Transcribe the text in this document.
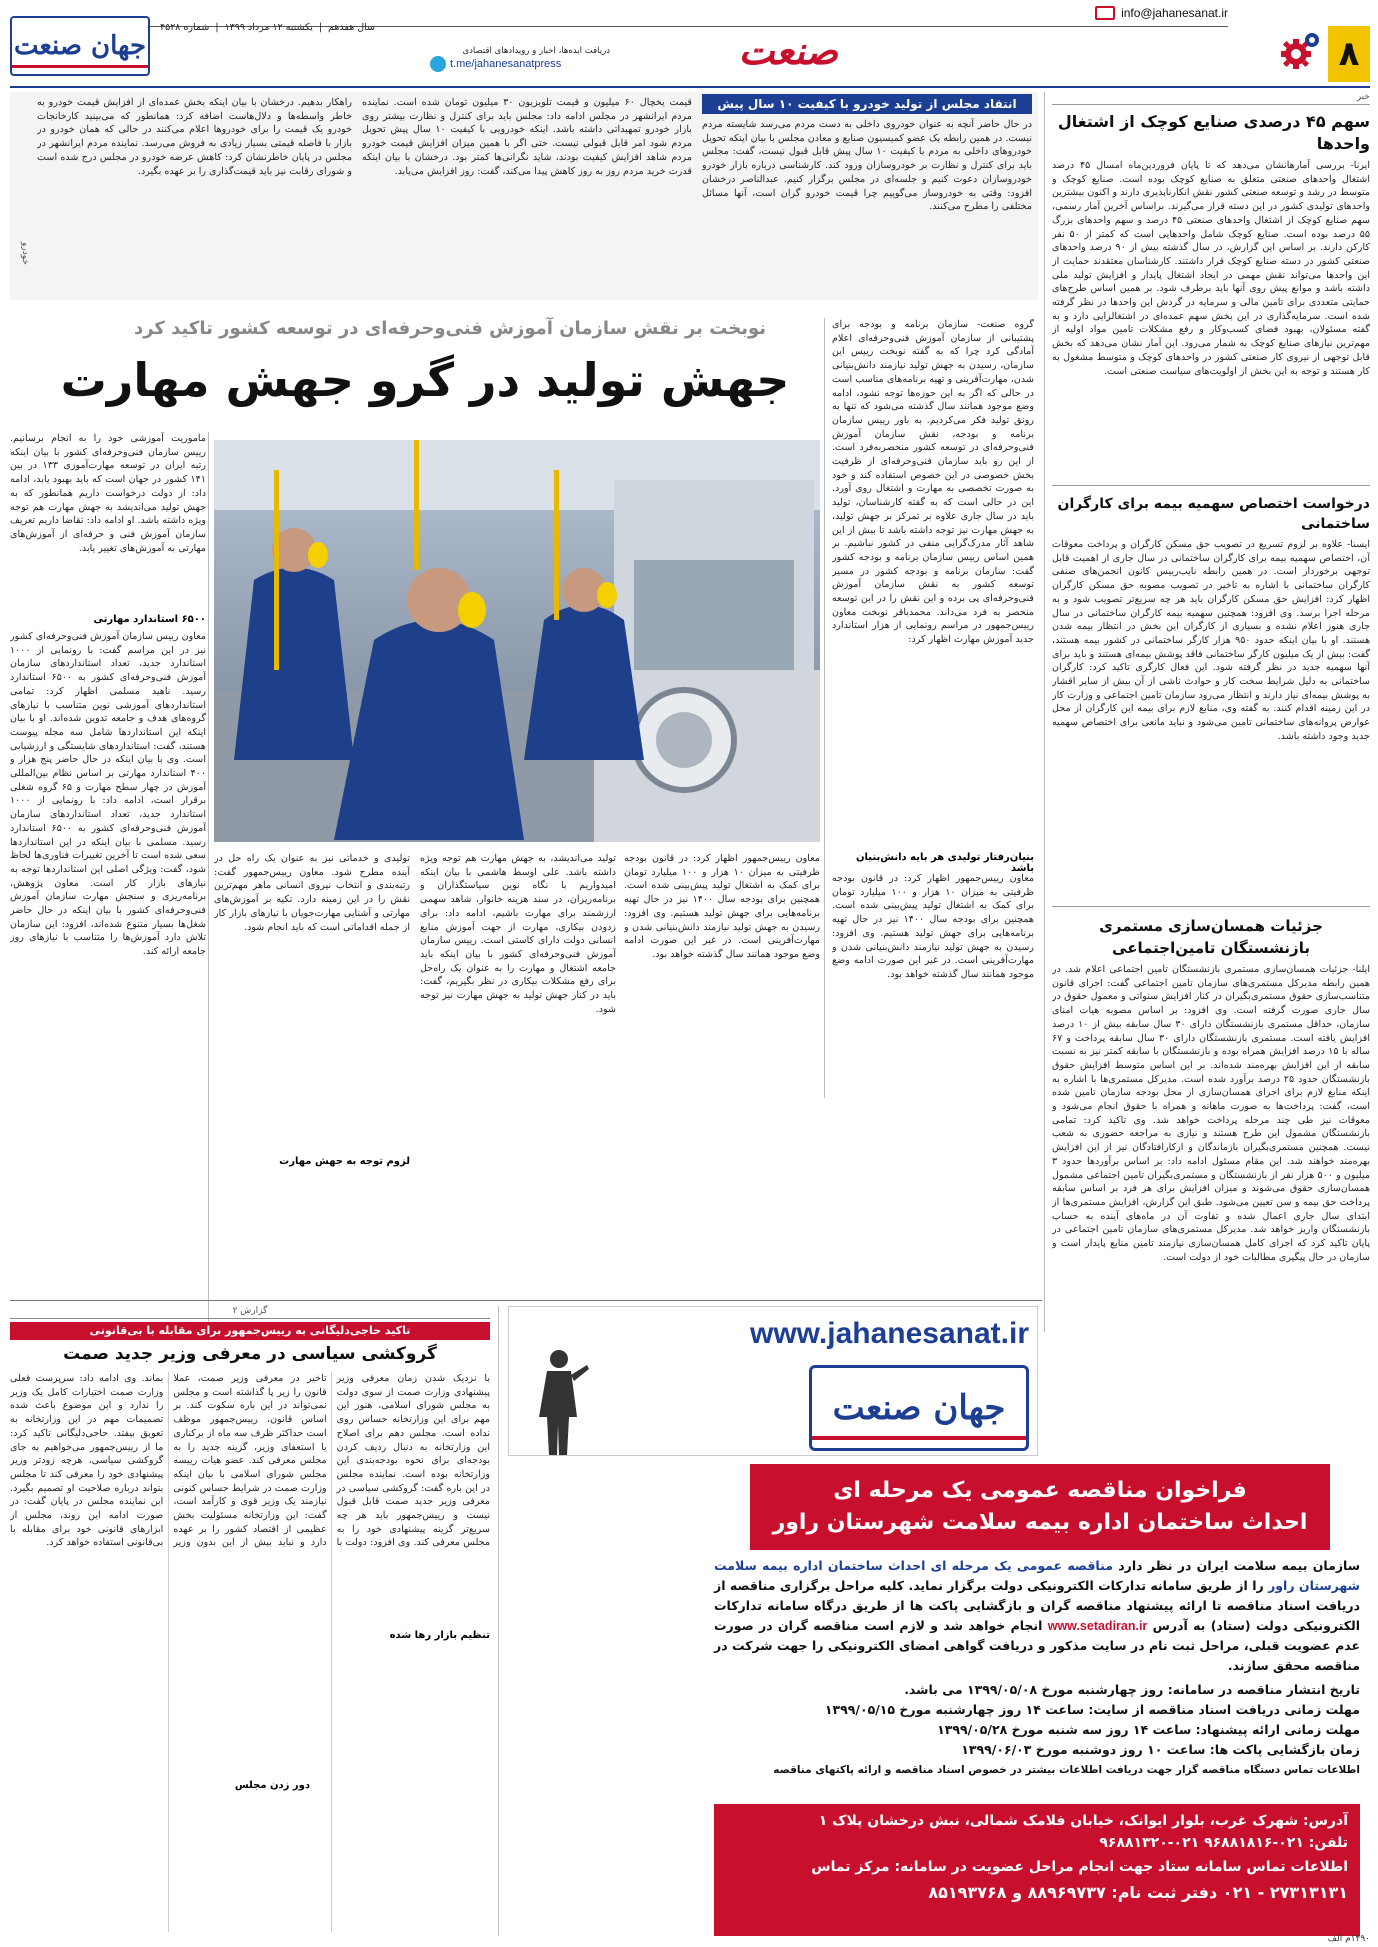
۸
info@jahanesanat.ir
صنعت
دریافت ایده‌ها، اخبار و رویدادهای اقتصادی
t.me/jahanesanatpress
سال هفدهم
|
یکشنبه ۱۲ مرداد ۱۳۹۹
|
شماره ۴۵۲۸
جهان صنعت
خبر
سهم ۴۵ درصدی صنایع کوچک از اشتغال واحدها
ایرنا- بررسی آمارهانشان می‌دهد که تا پایان فروردین‌ماه امسال ۴۵ درصد اشتغال واحدهای صنعتی متعلق به صنایع کوچک بوده است. صنایع کوچک و متوسط در رشد و توسعه صنعتی کشور نقش انکارناپذیری دارند و اکنون بیشترین واحدهای تولیدی کشور در این دسته قرار می‌گیرند. براساس آخرین آمار رسمی، سهم صنایع کوچک از اشتغال واحدهای صنعتی ۴۵ درصد و سهم واحدهای بزرگ ۵۵ درصد بوده است. صنایع کوچک شامل واحدهایی است که کمتر از ۵۰ نفر کارکن دارند. بر اساس این گزارش، در سال گذشته بیش از ۹۰ درصد واحدهای صنعتی کشور در دسته صنایع کوچک قرار داشتند. کارشناسان معتقدند حمایت از این واحدها می‌تواند نقش مهمی در ایجاد اشتغال پایدار و افزایش تولید ملی داشته باشد و موانع پیش روی آنها باید برطرف شود. بر همین اساس طرح‌های حمایتی متعددی برای تامین مالی و سرمایه در گردش این واحدها در نظر گرفته شده است. سرمایه‌گذاری در این بخش سهم عمده‌ای در اشتغالزایی دارد و به گفته مسئولان، بهبود فضای کسب‌وکار و رفع مشکلات تامین مواد اولیه از مهم‌ترین نیازهای صنایع کوچک به شمار می‌رود. این آمار نشان می‌دهد که بخش قابل توجهی از نیروی کار صنعتی کشور در واحدهای کوچک و متوسط مشغول به کار هستند و توجه به این بخش از اولویت‌های سیاست صنعتی است.
درخواست اختصاص سهمیه بیمه برای کارگران ساختمانی
ایسنا- علاوه بر لزوم تسریع در تصویب حق مسکن کارگران و پرداخت معوقات آن، اختصاص سهمیه بیمه برای کارگران ساختمانی در سال جاری از اهمیت قابل توجهی برخوردار است. در همین رابطه نایب‌رییس کانون انجمن‌های صنفی کارگران ساختمانی با اشاره به تاخیر در تصویب مصوبه حق مسکن کارگران اظهار کرد: افزایش حق مسکن کارگران باید هر چه سریع‌تر تصویب شود و به مرحله اجرا برسد. وی افزود: همچنین سهمیه بیمه کارگران ساختمانی در سال جاری هنوز اعلام نشده و بسیاری از کارگران این بخش در انتظار بیمه شدن هستند. او با بیان اینکه حدود ۹۵۰ هزار کارگر ساختمانی در کشور بیمه هستند، گفت: بیش از یک میلیون کارگر ساختمانی فاقد پوشش بیمه‌ای هستند و باید برای آنها سهمیه جدید در نظر گرفته شود. این فعال کارگری تاکید کرد: کارگران ساختمانی به دلیل شرایط سخت کار و حوادث ناشی از آن بیش از سایر اقشار به پوشش بیمه‌ای نیاز دارند و انتظار می‌رود سازمان تامین اجتماعی و وزارت کار در این زمینه اقدام کنند. به گفته وی، منابع لازم برای بیمه این کارگران از محل عوارض پروانه‌های ساختمانی تامین می‌شود و نباید مانعی برای اختصاص سهمیه جدید وجود داشته باشد.
جزئیات همسان‌سازی مستمری بازنشستگان تامین‌اجتماعی
ایلنا- جزئیات همسان‌سازی مستمری بازنشستگان تامین اجتماعی اعلام شد. در همین رابطه مدیرکل مستمری‌های سازمان تامین اجتماعی گفت: اجرای قانون متناسب‌سازی حقوق مستمری‌بگیران در کنار افزایش سنواتی و معمول حقوق در سال جاری صورت گرفته است. وی افزود: بر اساس مصوبه هیات امنای سازمان، حداقل مستمری بازنشستگان دارای ۳۰ سال سابقه بیش از ۱۰ درصد افزایش یافته است. مستمری بازنشستگان دارای ۳۰ سال سابقه پرداخت و ۶۷ ساله با ۱۵ درصد افزایش همراه بوده و بازنشستگان با سابقه کمتر نیز به نسبت سابقه از این افزایش بهره‌مند شده‌اند. بر این اساس متوسط افزایش حقوق بازنشستگان حدود ۲۵ درصد برآورد شده است. مدیرکل مستمری‌ها با اشاره به اینکه منابع لازم برای اجرای همسان‌سازی از محل بودجه سازمان تامین شده است، گفت: پرداخت‌ها به صورت ماهانه و همراه با حقوق انجام می‌شود و معوقات نیز طی چند مرحله پرداخت خواهد شد. وی تاکید کرد: تمامی بازنشستگان مشمول این طرح هستند و نیازی به مراجعه حضوری به شعب نیست. همچنین مستمری‌بگیران بازماندگان و ازکارافتادگان نیز از این افزایش بهره‌مند خواهند شد. این مقام مسئول ادامه داد: بر اساس برآوردها حدود ۳ میلیون و ۵۰۰ هزار نفر از بازنشستگان و مستمری‌بگیران تامین اجتماعی مشمول همسان‌سازی حقوق می‌شوند و میزان افزایش برای هر فرد بر اساس سابقه پرداخت حق بیمه و سن تعیین می‌شود. طبق این گزارش، افزایش مستمری‌ها از ابتدای سال جاری اعمال شده و تفاوت آن در ماه‌های آینده به حساب بازنشستگان واریز خواهد شد. مدیرکل مستمری‌های سازمان تامین اجتماعی در پایان تاکید کرد که اجرای کامل همسان‌سازی نیازمند تامین منابع پایدار است و سازمان در حال پیگیری مطالبات خود از دولت است.
انتقاد مجلس از تولید خودرو با کیفیت ۱۰ سال پیش
در حال حاضر آنچه به عنوان خودروی داخلی به دست مردم می‌رسد شایسته مردم نیست. در همین رابطه یک عضو کمیسیون صنایع و معادن مجلس با بیان اینکه تحویل خودروهای داخلی به مردم با کیفیت ۱۰ سال پیش قابل قبول نیست، گفت: مجلس باید برای کنترل و نظارت بر خودروسازان ورود کند. کارشناسی درباره بازار خودرو خودروسازان دعوت کنیم و جلسه‌ای در مجلس برگزار کنیم. عبدالناصر درخشان افزود: وقتی به خودروساز می‌گوییم چرا قیمت خودرو گران است، آنها مسائل مختلفی را مطرح می‌کنند.
قیمت یخچال ۶۰ میلیون و قیمت تلویزیون ۳۰ میلیون تومان شده است. نماینده مردم ایرانشهر در مجلس ادامه داد: مجلس باید برای کنترل و نظارت بیشتر روی بازار خودرو تمهیداتی داشته باشد. اینکه خودرویی با کیفیت ۱۰ سال پیش تحویل مردم شود امر قابل قبولی نیست. حتی اگر با همین میزان افزایش قیمت خودرو مردم شاهد افزایش کیفیت بودند، شاید نگرانی‌ها کمتر بود. درخشان با بیان اینکه قدرت خرید مردم روز به روز کاهش پیدا می‌کند، گفت: روز افزایش می‌یابد.
راهکار بدهیم. درخشان با بیان اینکه بخش عمده‌ای از افزایش قیمت خودرو به خاطر واسطه‌ها و دلال‌هاست اضافه کرد: همانطور که می‌بینید کارخانجات خودرو یک قیمت را برای خودروها اعلام می‌کنند در حالی که همان خودرو در بازار با فاصله قیمتی بسیار زیادی به فروش می‌رسد. نماینده مردم ایرانشهر در مجلس در پایان خاطرنشان کرد: کاهش عرضه خودرو در مجلس درج شده است و شورای رقابت نیز باید قیمت‌گذاری را بر عهده بگیرد.
خودرو
نوبخت بر نقش سازمان آموزش فنی‌وحرفه‌ای در توسعه کشور تاکید کرد
جهش تولید در گرو جهش مهارت
گروه صنعت- سازمان برنامه و بودجه برای پشتیبانی از سازمان آموزش فنی‌وحرفه‌ای اعلام آمادگی کرد چرا که به گفته نوبخت رییس این سازمان، رسیدن به جهش تولید نیازمند دانش‌بنیانی شدن، مهارت‌آفرینی و تهیه برنامه‌های مناسب است در حالی که اگر به این حوزه‌ها توجه نشود، ادامه وضع موجود همانند سال گذشته می‌شود که تنها به رونق تولید فکر می‌کردیم. به باور رییس سازمان برنامه و بودجه، نقش سازمان آموزش فنی‌وحرفه‌ای در توسعه کشور منحصربه‌فرد است. از این رو باید سازمان فنی‌وحرفه‌ای از ظرفیت بخش خصوصی در این خصوص استفاده کند و خود به صورت تخصصی به مهارت و اشتغال روی آورد. این در حالی است که به گفته کارشناسان، تولید باید در سال جاری علاوه بر تمرکز بر جهش تولید، به جهش مهارت نیز توجه داشته باشد تا بیش از این شاهد آثار مدرک‌گرایی منفی در کشور نباشیم. بر همین اساس رییس سازمان برنامه و بودجه کشور گفت: سازمان برنامه و بودجه کشور در مسیر توسعه کشور به نقش سازمان آموزش فنی‌وحرفه‌ای پی برده و این نقش را در این توسعه منحصر به فرد می‌داند. محمدباقر نوبخت معاون رییس‌جمهور در مراسم رونمایی از هزار استاندارد جدید آموزش مهارت اظهار کرد:
ماموریت آموزشی خود را به انجام برسانیم. رییس سازمان فنی‌وحرفه‌ای کشور با بیان اینکه رتبه ایران در توسعه مهارت‌آموزی ۱۳۳ در بین ۱۴۱ کشور در جهان است که باید بهبود یابد، ادامه داد: از دولت درخواست داریم همانطور که به جهش تولید می‌اندیشد به جهش مهارت هم توجه ویژه داشته باشد. او ادامه داد: تقاضا داریم تعریف سازمان آموزش فنی و حرفه‌ای از آموزش‌های مهارتی به آموزش‌های تغییر یابد.
۶۵۰۰ استاندارد مهارتی
معاون رییس سازمان آموزش فنی‌وحرفه‌ای کشور نیز در این مراسم گفت: با رونمایی از ۱۰۰۰ استاندارد جدید، تعداد استانداردهای سازمان آموزش فنی‌وحرفه‌ای کشور به ۶۵۰۰ استاندارد رسید. ناهید مسلمی اظهار کرد: تمامی استانداردهای آموزشی نوین متناسب با نیازهای گروه‌های هدف و جامعه تدوین شده‌اند. او با بیان اینکه این استانداردها شامل سه مجله پیوست هستند، گفت: استانداردهای شایستگی و ارزشیابی است. وی با بیان اینکه در حال حاضر پنج هزار و ۴۰۰ استاندارد مهارتی بر اساس نظام بین‌المللی آموزش در چهار سطح مهارت و ۶۵ گروه شغلی برقرار است، ادامه داد: با رونمایی از ۱۰۰۰ استاندارد جدید، تعداد استانداردهای سازمان آموزش فنی‌وحرفه‌ای کشور به ۶۵۰۰ استاندارد رسید. مسلمی با بیان اینکه در این استانداردها سعی شده است تا آخرین تغییرات فناوری‌ها لحاظ شود، گفت: ویژگی اصلی این استانداردها توجه به نیازهای بازار کار است. معاون پژوهش، برنامه‌ریزی و سنجش مهارت سازمان آموزش فنی‌وحرفه‌ای کشور با بیان اینکه در حال حاضر شغل‌ها بسیار متنوع شده‌اند، افزود: این سازمان تلاش دارد آموزش‌ها را متناسب با نیازهای روز جامعه ارائه کند.
معاون رییس‌جمهور اظهار کرد: در قانون بودجه ظرفیتی به میزان ۱۰ هزار و ۱۰۰ میلیارد تومان برای کمک به اشتغال تولید پیش‌بینی شده است. همچنین برای بودجه سال ۱۴۰۰ نیز در حال تهیه برنامه‌هایی برای جهش تولید هستیم. وی افزود: رسیدن به جهش تولید نیازمند دانش‌بنیانی شدن و مهارت‌آفرینی است. در غیر این صورت ادامه وضع موجود همانند سال گذشته خواهد بود.
تولید می‌اندیشد، به جهش مهارت هم توجه ویژه داشته باشد. علی اوسط هاشمی با بیان اینکه امیدواریم با نگاه نوین سیاستگذاران و برنامه‌ریزان، در سند هزینه خانوار، شاهد سهمی ارزشمند برای مهارت باشیم، ادامه داد: برای زدودن بیکاری، مهارت از جهت آموزش منابع انسانی دولت دارای کاستی است. رییس سازمان آموزش فنی‌وحرفه‌ای کشور با بیان اینکه باید جامعه اشتغال و مهارت را به عنوان یک راه‌حل برای رفع مشکلات بیکاری در نظر بگیریم، گفت: باید در کنار جهش تولید به جهش مهارت نیز توجه شود.
تولیدی و خدماتی نیز به عنوان یک راه حل در آینده مطرح شود. معاون رییس‌جمهور گفت: رتبه‌بندی و انتخاب نیروی انسانی ماهر مهم‌ترین نقش را در این زمینه دارد. تکیه بر آموزش‌های مهارتی و آشنایی مهارت‌جویان با نیازهای بازار کار از جمله اقداماتی است که باید انجام شود.
لزوم توجه به جهش مهارت
بنیان‌رفتار تولیدی هر بایه دانش‌بنیان باشد
معاون رییس‌جمهور اظهار کرد: در قانون بودجه ظرفیتی به میزان ۱۰ هزار و ۱۰۰ میلیارد تومان برای کمک به اشتغال تولید پیش‌بینی شده است. همچنین برای بودجه سال ۱۴۰۰ نیز در حال تهیه برنامه‌هایی برای جهش تولید هستیم. وی افزود: رسیدن به جهش تولید نیازمند دانش‌بنیانی شدن و مهارت‌آفرینی است. در غیر این صورت ادامه وضع موجود همانند سال گذشته خواهد بود.
گزارش ۲
تاکید حاجی‌دلیگانی به رییس‌جمهور برای مقابله با بی‌قانونی
گروکشی سیاسی در معرفی وزیر جدید صمت
با نزدیک شدن زمان معرفی وزیر پیشنهادی وزارت صمت از سوی دولت به مجلس شورای اسلامی، هنوز این مهم برای این وزارتخانه حساس روی نداده است. مجلس دهم برای اصلاح این وزارتخانه به دنبال ردیف کردن بودجه‌ای برای نحوه بودجه‌بندی این وزارتخانه بوده است. نماینده مجلس در این باره گفت: گروکشی سیاسی در معرفی وزیر جدید صمت قابل قبول نیست و رییس‌جمهور باید هر چه سریع‌تر گزینه پیشنهادی خود را به مجلس معرفی کند. وی افزود: دولت با تاخیر در معرفی وزیر صمت، عملا قانون را زیر پا گذاشته است و مجلس نمی‌تواند در این باره سکوت کند. بر اساس قانون، رییس‌جمهور موظف است حداکثر ظرف سه ماه از برکناری یا استعفای وزیر، گزینه جدید را به مجلس معرفی کند. عضو هیات رییسه مجلس شورای اسلامی با بیان اینکه وزارت صمت در شرایط حساس کنونی نیازمند یک وزیر قوی و کارآمد است، گفت: این وزارتخانه مسئولیت بخش عظیمی از اقتصاد کشور را بر عهده دارد و نباید بیش از این بدون وزیر بماند. وی ادامه داد: سرپرست فعلی وزارت صمت اختیارات کامل یک وزیر را ندارد و این موضوع باعث شده تصمیمات مهم در این وزارتخانه به تعویق بیفتد. حاجی‌دلیگانی تاکید کرد: ما از رییس‌جمهور می‌خواهیم به جای گروکشی سیاسی، هرچه زودتر وزیر پیشنهادی خود را معرفی کند تا مجلس بتواند درباره صلاحیت او تصمیم بگیرد. این نماینده مجلس در پایان گفت: در صورت ادامه این روند، مجلس از ابزارهای قانونی خود برای مقابله با بی‌قانونی استفاده خواهد کرد.
تنظیم بازار رها شده
دور زدن مجلس
www.jahanesanat.ir
جهان صنعت
فراخوان مناقصه عمومی یک مرحله ای
احداث ساختمان اداره بیمه سلامت شهرستان راور
سازمان بیمه سلامت ایران در نظر دارد مناقصه عمومی یک مرحله ای احداث ساختمان اداره بیمه سلامت شهرستان راور را از طریق سامانه تدارکات الکترونیکی دولت برگزار نماید. کلیه مراحل برگزاری مناقصه از دریافت اسناد مناقصه تا ارائه پیشنهاد مناقصه گران و بازگشایی پاکت ها از طریق درگاه سامانه تدارکات الکترونیکی دولت (ستاد) به آدرس www.setadiran.ir انجام خواهد شد و لازم است مناقصه گران در صورت عدم عضویت قبلی، مراحل ثبت نام در سایت مذکور و دریافت گواهی امضای الکترونیکی را جهت شرکت در مناقصه محقق سازند.
تاریخ انتشار مناقصه در سامانه: روز چهارشنبه مورخ ۱۳۹۹/۰۵/۰۸ می باشد.
مهلت زمانی دریافت اسناد مناقصه از سایت: ساعت ۱۴ روز چهارشنبه مورخ ۱۳۹۹/۰۵/۱۵
مهلت زمانی ارائه پیشنهاد: ساعت ۱۴ روز سه شنبه مورخ ۱۳۹۹/۰۵/۲۸
زمان بازگشایی پاکت ها: ساعت ۱۰ روز دوشنبه مورخ ۱۳۹۹/۰۶/۰۳
اطلاعات تماس دستگاه مناقصه گزار جهت دریافت اطلاعات بیشتر در خصوص اسناد مناقصه و ارائه پاکتهای مناقصه
آدرس: شهرک غرب، بلوار ایوانک، خیابان فلامک شمالی، نبش درخشان پلاک ۱
تلفن: ۰۲۱-۹۶۸۸۱۸۱۶ ۰۲۱-۹۶۸۸۱۳۲۰
اطلاعات تماس سامانه ستاد جهت انجام مراحل عضویت در سامانه: مرکز تماس
۲۷۳۱۳۱۳۱ - ۰۲۱ دفتر ثبت نام: ۸۸۹۶۹۷۳۷ و ۸۵۱۹۳۷۶۸
۱۴۹۰م الف
